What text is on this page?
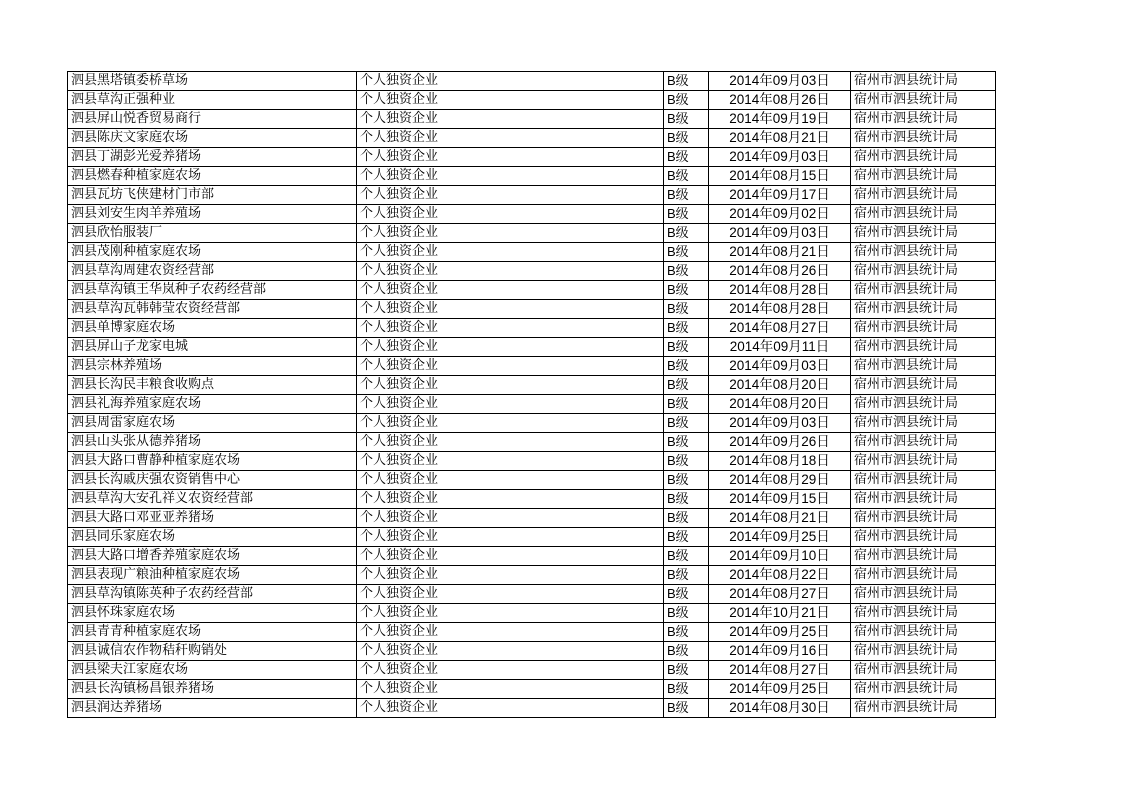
泗县黑塔镇委桥草场	个人独资企业	B级	2014年09月03日	宿州市泗县统计局
泗县草沟正强种业	个人独资企业	B级	2014年08月26日	宿州市泗县统计局
泗县屏山悦香贸易商行	个人独资企业	B级	2014年09月19日	宿州市泗县统计局
泗县陈庆文家庭农场	个人独资企业	B级	2014年08月21日	宿州市泗县统计局
泗县丁湖彭光爱养猪场	个人独资企业	B级	2014年09月03日	宿州市泗县统计局
泗县燃春种植家庭农场	个人独资企业	B级	2014年08月15日	宿州市泗县统计局
泗县瓦坊飞侠建材门市部	个人独资企业	B级	2014年09月17日	宿州市泗县统计局
泗县刘安生肉羊养殖场	个人独资企业	B级	2014年09月02日	宿州市泗县统计局
泗县欣怡服装厂	个人独资企业	B级	2014年09月03日	宿州市泗县统计局
泗县茂刚种植家庭农场	个人独资企业	B级	2014年08月21日	宿州市泗县统计局
泗县草沟周建农资经营部	个人独资企业	B级	2014年08月26日	宿州市泗县统计局
泗县草沟镇王华岚种子农药经营部	个人独资企业	B级	2014年08月28日	宿州市泗县统计局
泗县草沟瓦韩韩莹农资经营部	个人独资企业	B级	2014年08月28日	宿州市泗县统计局
泗县单博家庭农场	个人独资企业	B级	2014年08月27日	宿州市泗县统计局
泗县屏山子龙家电城	个人独资企业	B级	2014年09月11日	宿州市泗县统计局
泗县宗林养殖场	个人独资企业	B级	2014年09月03日	宿州市泗县统计局
泗县长沟民丰粮食收购点	个人独资企业	B级	2014年08月20日	宿州市泗县统计局
泗县礼海养殖家庭农场	个人独资企业	B级	2014年08月20日	宿州市泗县统计局
泗县周雷家庭农场	个人独资企业	B级	2014年09月03日	宿州市泗县统计局
泗县山头张从德养猪场	个人独资企业	B级	2014年09月26日	宿州市泗县统计局
泗县大路口曹静种植家庭农场	个人独资企业	B级	2014年08月18日	宿州市泗县统计局
泗县长沟戚庆强农资销售中心	个人独资企业	B级	2014年08月29日	宿州市泗县统计局
泗县草沟大安孔祥义农资经营部	个人独资企业	B级	2014年09月15日	宿州市泗县统计局
泗县大路口邓亚亚养猪场	个人独资企业	B级	2014年08月21日	宿州市泗县统计局
泗县同乐家庭农场	个人独资企业	B级	2014年09月25日	宿州市泗县统计局
泗县大路口增香养殖家庭农场	个人独资企业	B级	2014年09月10日	宿州市泗县统计局
泗县表现广粮油种植家庭农场	个人独资企业	B级	2014年08月22日	宿州市泗县统计局
泗县草沟镇陈英种子农药经营部	个人独资企业	B级	2014年08月27日	宿州市泗县统计局
泗县怀珠家庭农场	个人独资企业	B级	2014年10月21日	宿州市泗县统计局
泗县青青种植家庭农场	个人独资企业	B级	2014年09月25日	宿州市泗县统计局
泗县诚信农作物秸秆购销处	个人独资企业	B级	2014年09月16日	宿州市泗县统计局
泗县梁夫江家庭农场	个人独资企业	B级	2014年08月27日	宿州市泗县统计局
泗县长沟镇杨昌银养猪场	个人独资企业	B级	2014年09月25日	宿州市泗县统计局
泗县润达养猪场	个人独资企业	B级	2014年08月30日	宿州市泗县统计局
